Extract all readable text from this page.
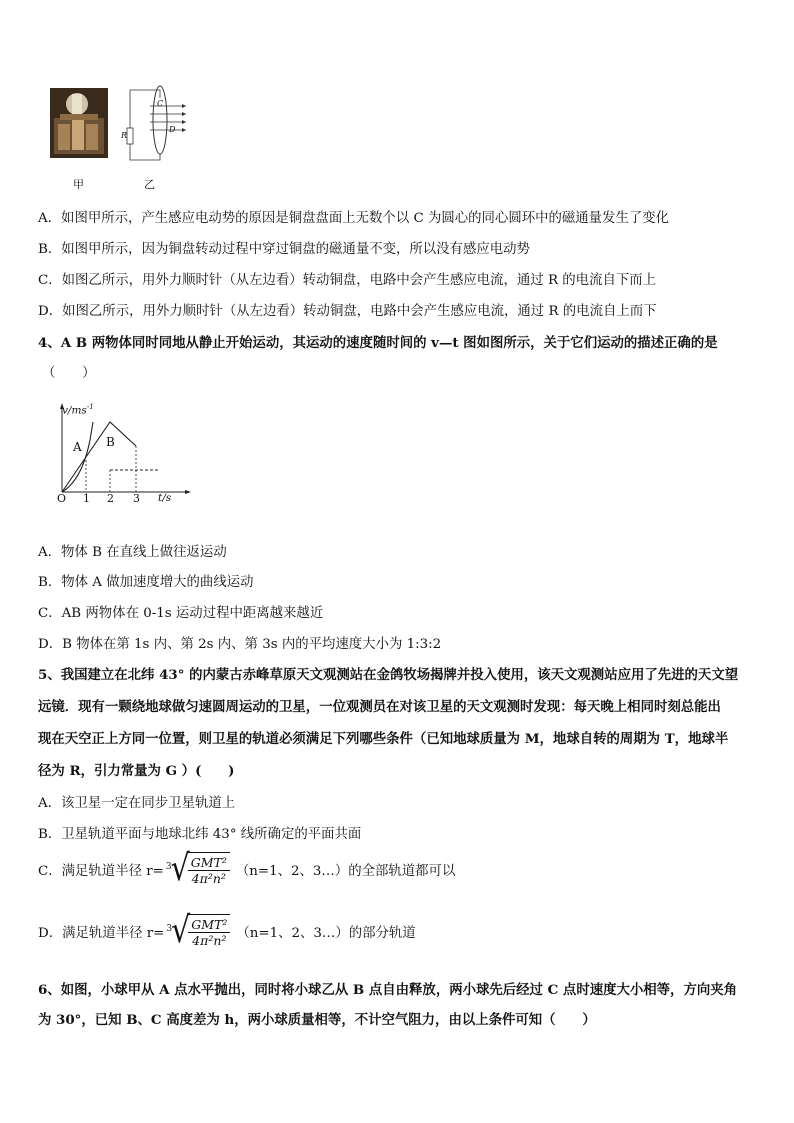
C
D
R
甲	乙
A．如图甲所示，产生感应电动势的原因是铜盘盘面上无数个以 C 为圆心的同心圆环中的磁通量发生了变化
B．如图甲所示，因为铜盘转动过程中穿过铜盘的磁通量不变，所以没有感应电动势
C．如图乙所示，用外力顺时针（从左边看）转动铜盘，电路中会产生感应电流，通过 R 的电流自下而上
D．如图乙所示，用外力顺时针（从左边看）转动铜盘，电路中会产生感应电流，通过 R 的电流自上而下
4、A B 两物体同时同地从静止开始运动，其运动的速度随时间的 v—t 图如图所示，关于它们运动的描述正确的是
（　　）
$v/ms^{-1}$
A B
O 1 2 3 t/s
A．物体 B 在直线上做往返运动
B．物体 A 做加速度增大的曲线运动
C．AB 两物体在 0-1s 运动过程中距离越来越近
D．B 物体在第 1s 内、第 2s 内、第 3s 内的平均速度大小为 1:3:2
5、我国建立在北纬 43° 的内蒙古赤峰草原天文观测站在金鸽牧场揭牌并投入使用，该天文观测站应用了先进的天文望
远镜．现有一颗绕地球做匀速圆周运动的卫星，一位观测员在对该卫星的天文观测时发现：每天晚上相同时刻总能出
现在天空正上方同一位置，则卫星的轨道必须满足下列哪些条件（已知地球质量为 M，地球自转的周期为 T，地球半
径为 R，引力常量为 G ）(　　)
A．该卫星一定在同步卫星轨道上
B．卫星轨道平面与地球北纬 43° 线所确定的平面共面
C．满足轨道半径 r= 3 √
$\frac{\text{GMT²}}{\text{4π²n²}} (n=1$、2、3…）的全部轨道都可以
D．满足轨道半径 r= 3 √
$\frac{\text{GMT²}}{\text{4π²n²}} (n=1$、2、3…）的部分轨道
6、如图，小球甲从 A 点水平抛出，同时将小球乙从 B 点自由释放，两小球先后经过 C 点时速度大小相等，方向夹角
为 30°，已知 B、C 高度差为 h，两小球质量相等，不计空气阻力，由以上条件可知（　　）
